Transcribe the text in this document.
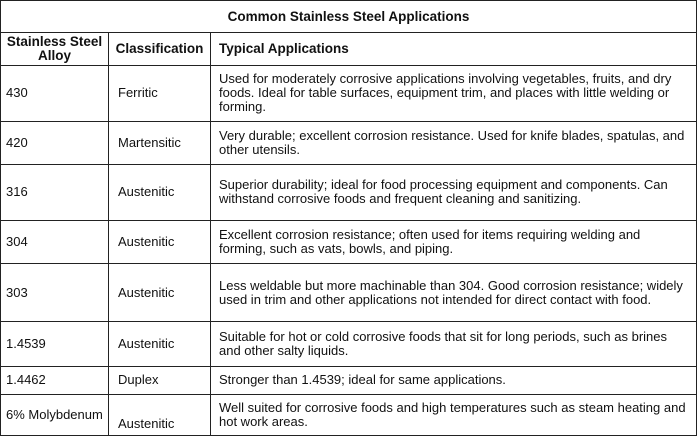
Common Stainless Steel Applications		
Stainless Steel Alloy	Classification	Typical Applications
430	Ferritic	Used for moderately corrosive applications involving vegetables, fruits, and dry foods. Ideal for table surfaces, equipment trim, and places with little welding or forming.
420	Martensitic	Very durable; excellent corrosion resistance. Used for knife blades, spatulas, and other utensils.
316	Austenitic	Superior durability; ideal for food processing equipment and components. Can withstand corrosive foods and frequent cleaning and sanitizing.
304	Austenitic	Excellent corrosion resistance; often used for items requiring welding and forming, such as vats, bowls, and piping.
303	Austenitic	Less weldable but more machinable than 304. Good corrosion resistance; widely used in trim and other applications not intended for direct contact with food.
1.4539	Austenitic	Suitable for hot or cold corrosive foods that sit for long periods, such as brines and other salty liquids.
1.4462	Duplex	Stronger than 1.4539; ideal for same applications.
6% Molybdenum	Austenitic	Well suited for corrosive foods and high temperatures such as steam heating and hot work areas.
